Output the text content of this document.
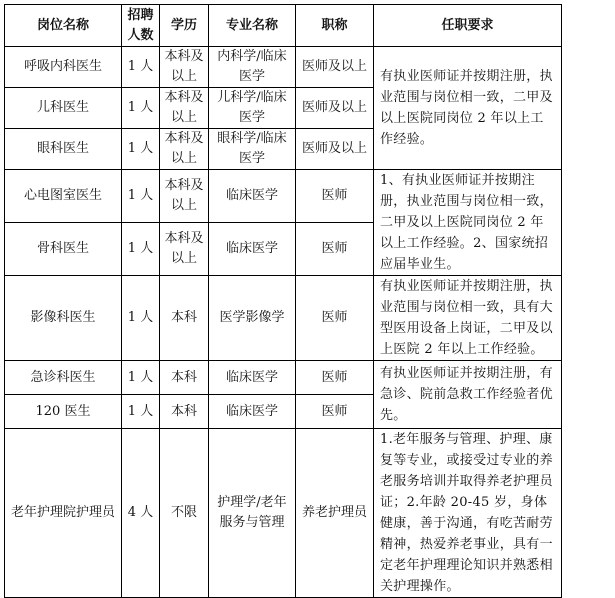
岗位名称	招聘人数	学历	专业名称	职称	任职要求
呼吸内科医生	1 人	本科及以上	内科学/临床医学	医师及以上	有执业医师证并按期注册，执业范围与岗位相一致，二甲及以上医院同岗位 2 年以上工作经验。
儿科医生	1 人	本科及以上	儿科学/临床医学	医师及以上	
眼科医生	1 人	本科及以上	眼科学/临床医学	医师及以上	
心电图室医生	1 人	本科及以上	临床医学	医师	1、有执业医师证并按期注册，执业范围与岗位相一致，二甲及以上医院同岗位 2 年以上工作经验。2、国家统招应届毕业生。
骨科医生	1 人	本科及以上	临床医学	医师	
影像科医生	1 人	本科	医学影像学	医师	有执业医师证并按期注册，执业范围与岗位相一致，具有大型医用设备上岗证，二甲及以上医院 2 年以上工作经验。
急诊科医生	1 人	本科	临床医学	医师	有执业医师证并按期注册，有急诊、院前急救工作经验者优先。
120 医生	1 人	本科	临床医学	医师	
老年护理院护理员	4 人	不限	护理学/老年服务与管理	养老护理员	1.老年服务与管理、护理、康复等专业，或接受过专业的养老服务培训并取得养老护理员证；2.年龄 20-45 岁，身体健康，善于沟通，有吃苦耐劳精神，热爱养老事业，具有一定老年护理理论知识并熟悉相关护理操作。
